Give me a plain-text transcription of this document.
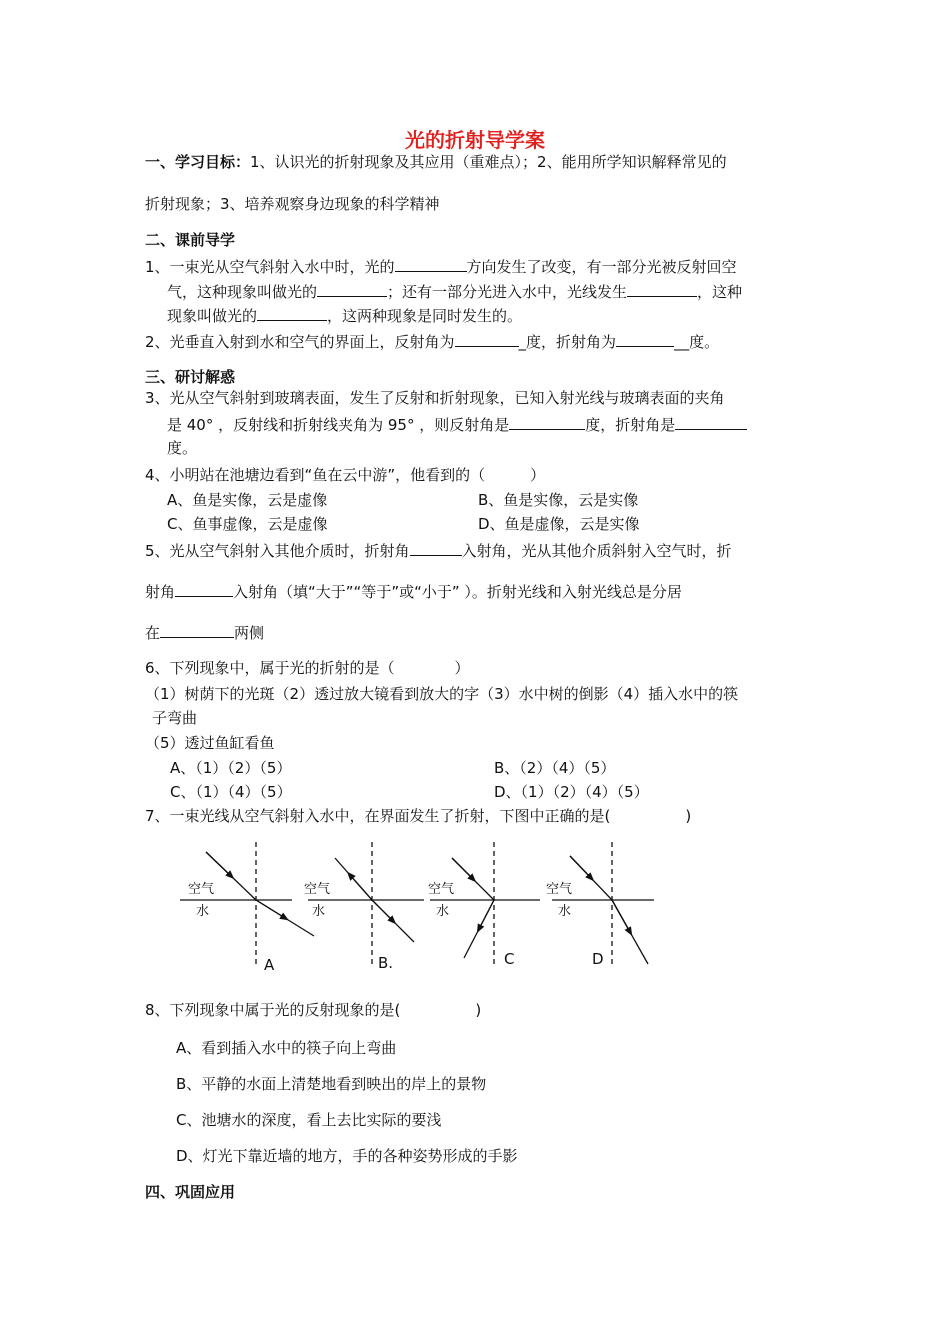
光的折射导学案
一、学习目标：1、认识光的折射现象及其应用（重难点）；2、能用所学知识解释常见的
折射现象；3、培养观察身边现象的科学精神
二、课前导学
1、一束光从空气斜射入水中时，光的	方向发生了改变，有一部分光被反射回空
气，这种现象叫做光的	；还有一部分光进入水中，光线发生	，这种
现象叫做光的	，这两种现象是同时发生的。
2、光垂直入射到水和空气的界面上，反射角为	_度，折射角为	__度。
三、研讨解惑
3、光从空气斜射到玻璃表面，发生了反射和折射现象，已知入射光线与玻璃表面的夹角
是 40° ，反射线和折射线夹角为 95° ，则反射角是	度，折射角是
度。
4、小明站在池塘边看到“鱼在云中游”，他看到的（　　　）
A、鱼是实像，云是虚像	B、鱼是实像，云是实像
C、鱼事虚像，云是虚像	D、鱼是虚像，云是实像
5、光从空气斜射入其他介质时，折射角	入射角，光从其他介质斜射入空气时，折
射角	入射角（填“大于”“等于”或“小于” ）。折射光线和入射光线总是分居
在	两侧
6、下列现象中，属于光的折射的是（　　　　）
（1）树荫下的光斑（2）透过放大镜看到放大的字（3）水中树的倒影（4）插入水中的筷
子弯曲
（5）透过鱼缸看鱼
A、（1）（2）（5）	B、（2）（4）（5）
C、（1）（4）（5）	D、（1）（2）（4）（5）
7、一束光线从空气斜射入水中，在界面发生了折射，下图中正确的是(　　　　　)
空气
水
空气
水
空气
水
空气
水
A	B.	C	D
8、下列现象中属于光的反射现象的是(　　　　　)
A、看到插入水中的筷子向上弯曲
B、平静的水面上清楚地看到映出的岸上的景物
C、池塘水的深度，看上去比实际的要浅
D、灯光下靠近墙的地方，手的各种姿势形成的手影
四、巩固应用
